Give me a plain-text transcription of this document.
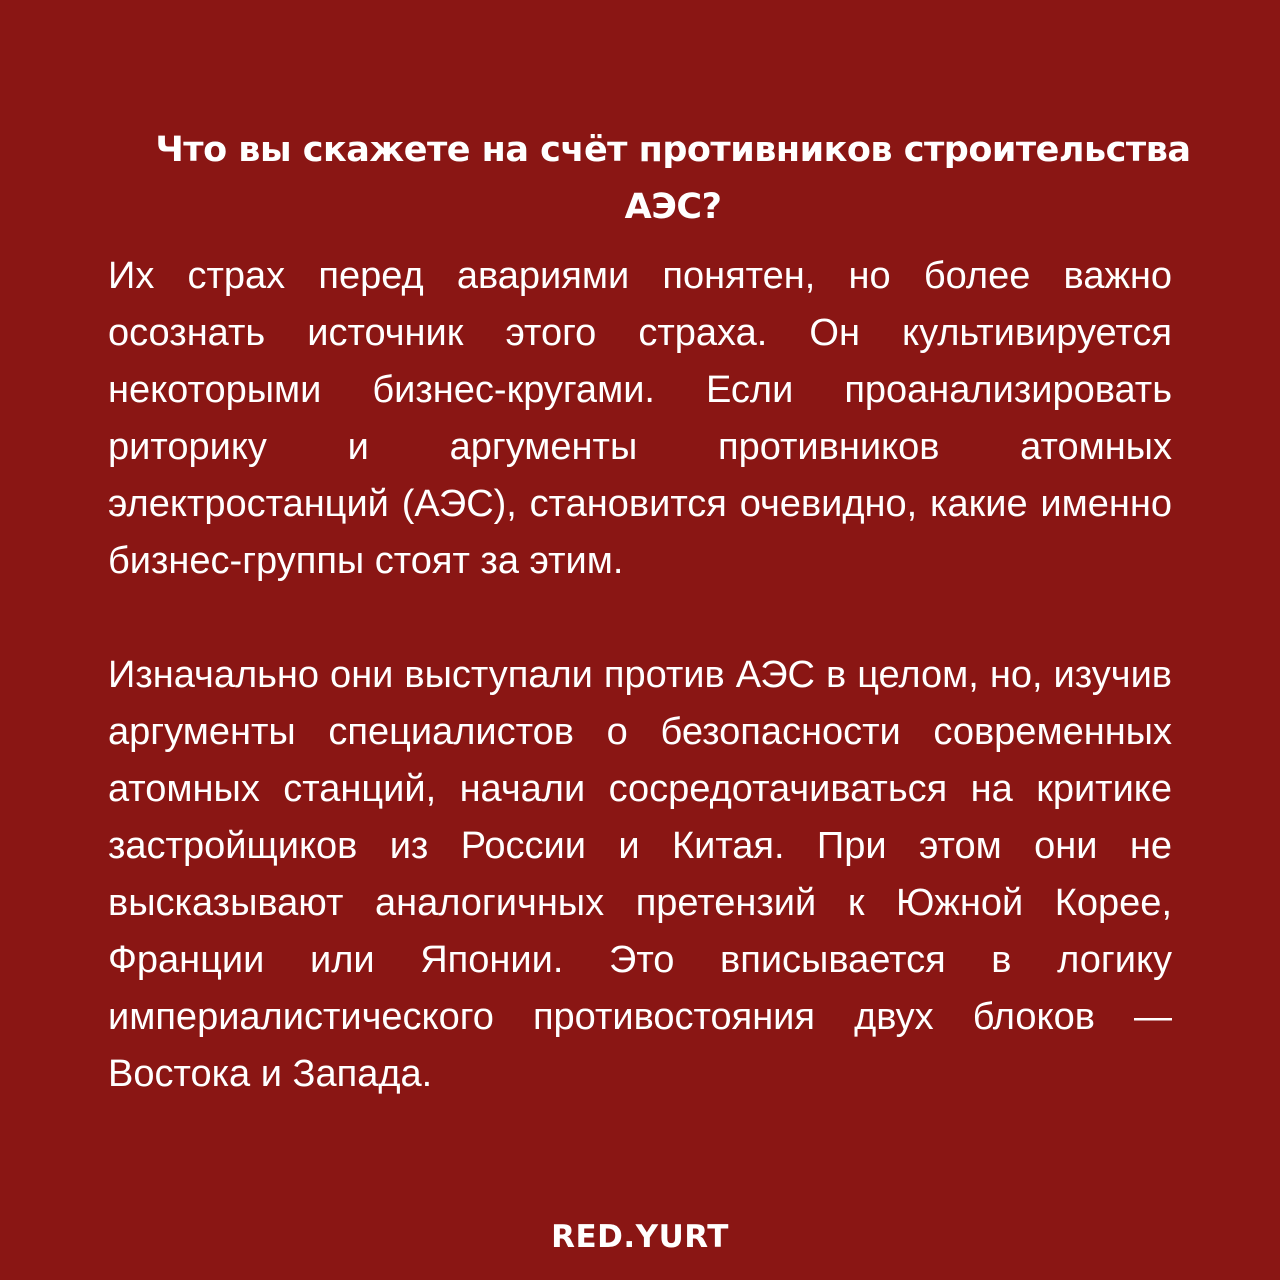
Что вы скажете на счёт противников строительства АЭС?

Их страх перед авариями понятен, но более важно осознать источник этого страха. Он культивируется некоторыми бизнес-кругами. Если проанализировать риторику и аргументы противников атомных электростанций (АЭС), становится очевидно, какие именно бизнес-группы стоят за этим.

Изначально они выступали против АЭС в целом, но, изучив аргументы специалистов о безопасности современных атомных станций, начали сосредотачиваться на критике застройщиков из России и Китая. При этом они не высказывают аналогичных претензий к Южной Корее, Франции или Японии. Это вписывается в логику империалистического противостояния двух блоков — Востока и Запада.

RED.YURT
